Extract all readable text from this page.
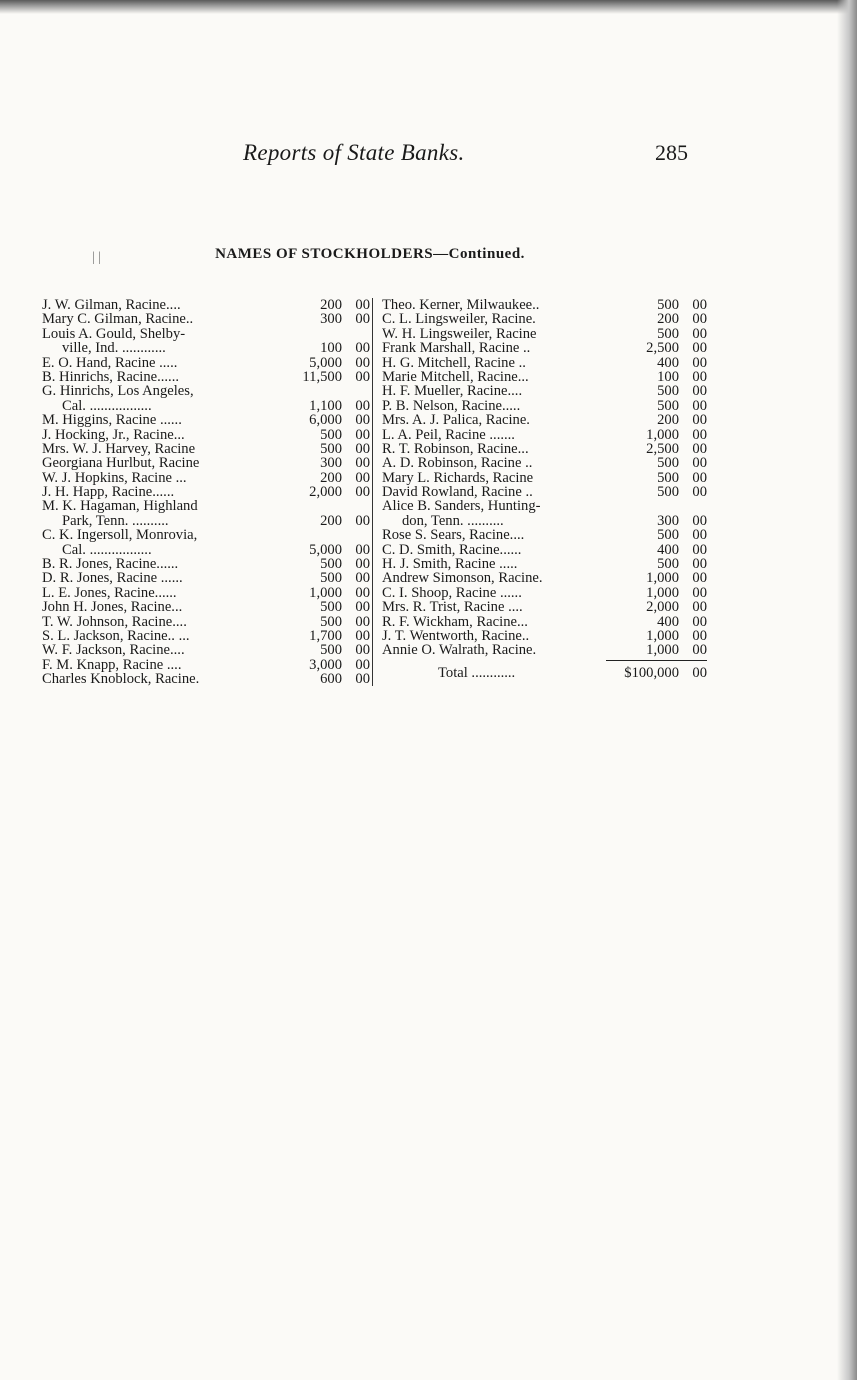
Reports of State Banks.	285
| |	NAMES OF STOCKHOLDERS—Continued.
J. W. Gilman, Racine....	200 00
Mary C. Gilman, Racine..	300 00
Louis A. Gould, Shelby-
ville, Ind. ............	100 00
E. O. Hand, Racine .....	5,000 00
B. Hinrichs, Racine......	11,500 00
G. Hinrichs, Los Angeles,
Cal. .................	1,100 00
M. Higgins, Racine ......	6,000 00
J. Hocking, Jr., Racine...	500 00
Mrs. W. J. Harvey, Racine	500 00
Georgiana Hurlbut, Racine	300 00
W. J. Hopkins, Racine ...	200 00
J. H. Happ, Racine......	2,000 00
M. K. Hagaman, Highland
Park, Tenn. ..........	200 00
C. K. Ingersoll, Monrovia,
Cal. .................	5,000 00
B. R. Jones, Racine......	500 00
D. R. Jones, Racine ......	500 00
L. E. Jones, Racine......	1,000 00
John H. Jones, Racine...	500 00
T. W. Johnson, Racine....	500 00
S. L. Jackson, Racine.. ...	1,700 00
W. F. Jackson, Racine....	500 00
F. M. Knapp, Racine ....	3,000 00
Charles Knoblock, Racine.	600 00
Theo. Kerner, Milwaukee..	500 00
C. L. Lingsweiler, Racine.	200 00
W. H. Lingsweiler, Racine	500 00
Frank Marshall, Racine ..	2,500 00
H. G. Mitchell, Racine ..	400 00
Marie Mitchell, Racine...	100 00
H. F. Mueller, Racine....	500 00
P. B. Nelson, Racine.....	500 00
Mrs. A. J. Palica, Racine.	200 00
L. A. Peil, Racine .......	1,000 00
R. T. Robinson, Racine...	2,500 00
A. D. Robinson, Racine ..	500 00
Mary L. Richards, Racine	500 00
David Rowland, Racine ..	500 00
Alice B. Sanders, Hunting-
don, Tenn. ..........	300 00
Rose S. Sears, Racine....	500 00
C. D. Smith, Racine......	400 00
H. J. Smith, Racine .....	500 00
Andrew Simonson, Racine.	1,000 00
C. I. Shoop, Racine ......	1,000 00
Mrs. R. Trist, Racine ....	2,000 00
R. F. Wickham, Racine...	400 00
J. T. Wentworth, Racine..	1,000 00
Annie O. Walrath, Racine.	1,000 00
Total ............	$100,000 00
